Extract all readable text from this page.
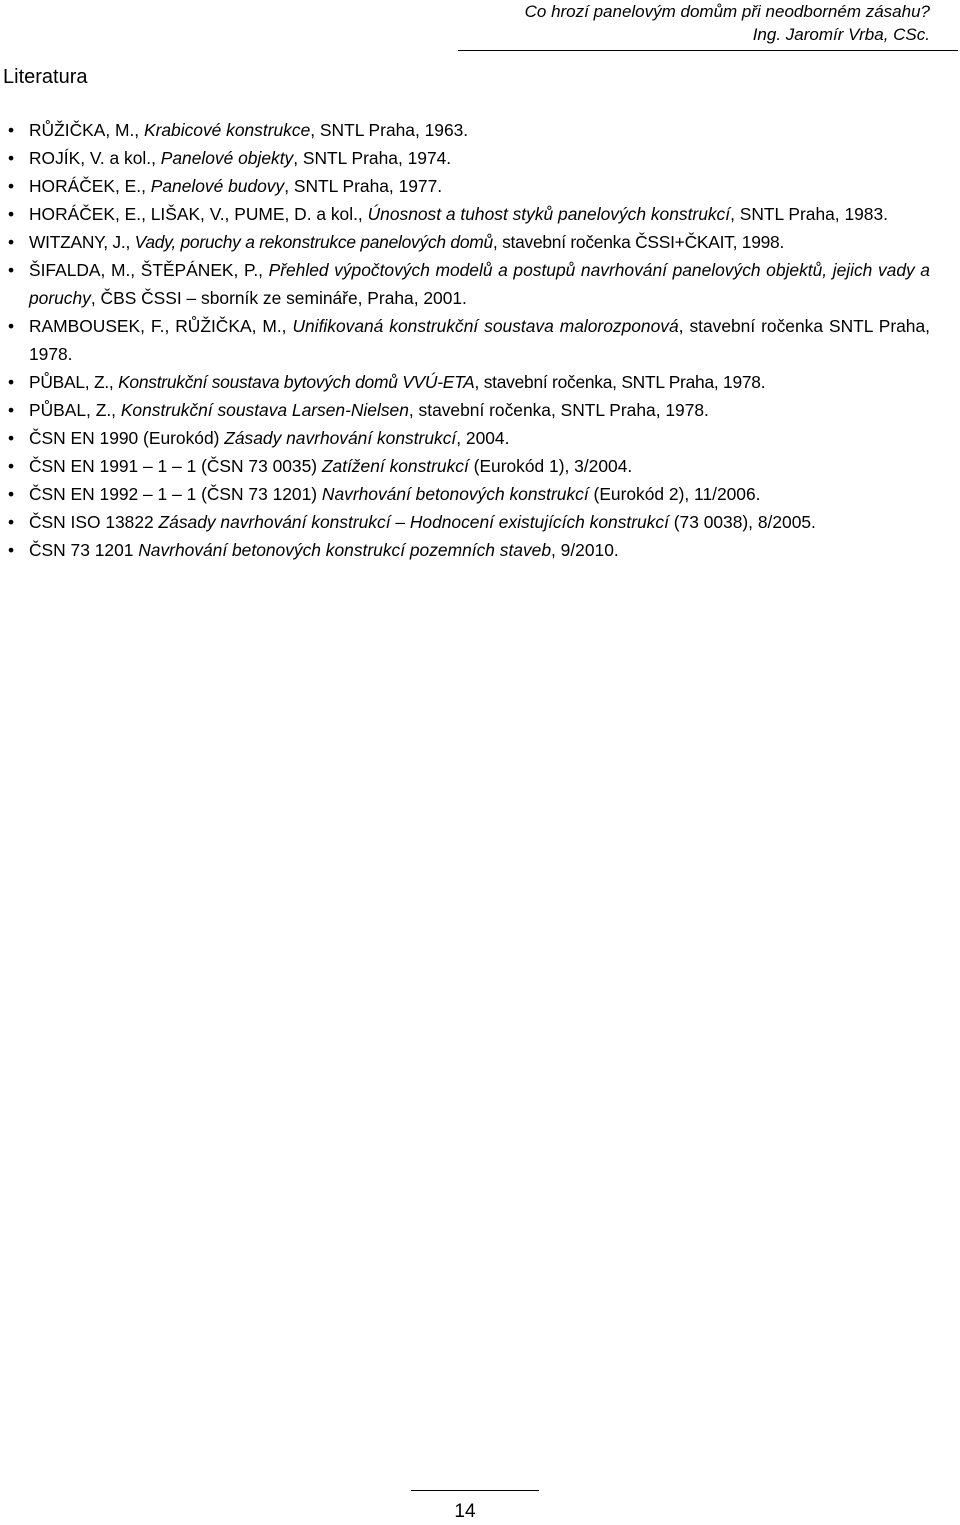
Co hrozí panelovým domům při neodborném zásahu?
Ing. Jaromír Vrba, CSc.
Literatura
• RŮŽIČKA, M., Krabicové konstrukce, SNTL Praha, 1963.
• ROJÍK, V. a kol., Panelové objekty, SNTL Praha, 1974.
• HORÁČEK, E., Panelové budovy, SNTL Praha, 1977.
• HORÁČEK, E., LIŠAK, V., PUME, D. a kol., Únosnost a tuhost styků panelových konstrukcí, SNTL Praha, 1983.
• WITZANY, J., Vady, poruchy a rekonstrukce panelových domů, stavební ročenka ČSSI+ČKAIT, 1998.
• ŠIFALDA, M., ŠTĚPÁNEK, P., Přehled výpočtových modelů a postupů navrhování panelových objektů, jejich vady a poruchy, ČBS ČSSI – sborník ze semináře, Praha, 2001.
• RAMBOUSEK, F., RŮŽIČKA, M., Unifikovaná konstrukční soustava malorozponová, stavební ročenka SNTL Praha, 1978.
• PŮBAL, Z., Konstrukční soustava bytových domů VVÚ-ETA, stavební ročenka, SNTL Praha, 1978.
• PŮBAL, Z., Konstrukční soustava Larsen-Nielsen, stavební ročenka, SNTL Praha, 1978.
• ČSN EN 1990 (Eurokód) Zásady navrhování konstrukcí, 2004.
• ČSN EN 1991 – 1 – 1 (ČSN 73 0035) Zatížení konstrukcí (Eurokód 1), 3/2004.
• ČSN EN 1992 – 1 – 1 (ČSN 73 1201) Navrhování betonových konstrukcí (Eurokód 2), 11/2006.
• ČSN ISO 13822 Zásady navrhování konstrukcí – Hodnocení existujících konstrukcí (73 0038), 8/2005.
• ČSN 73 1201 Navrhování betonových konstrukcí pozemních staveb, 9/2010.
14
